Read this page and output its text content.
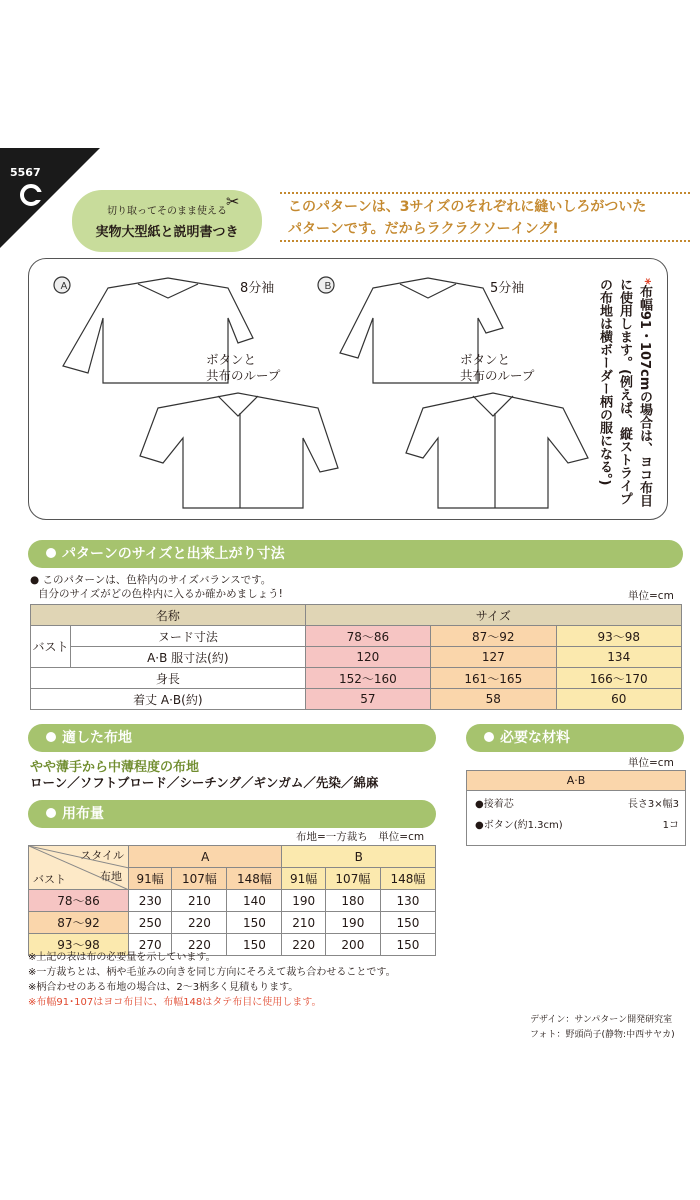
5567
切り取ってそのまま使える
実物大型紙と説明書つき
✂	このパターンは、3サイズのそれぞれに縫いしろがついた
パターンです。だからラクラクソーイング!
A	B
8分袖	5分袖
ボタンと
共布のループ
ボタンと
共布のループ
*布幅91・107cmの場合は、ヨコ布目に使用します。(例えば、縦ストライプの布地は横ボーダー柄の服になる。)
パターンのサイズと出来上がり寸法
● このパターンは、色枠内のサイズバランスです。
自分のサイズがどの色枠内に入るか確かめましょう!	単位=cm
名称		サイズ		
バスト	ヌード寸法	78〜86	87〜92	93〜98
	A·B 服寸法(約)	120	127	134
身長		152〜160	161〜165	166〜170
着丈 A·B(約)		57	58	60
適した布地
やや薄手から中薄程度の布地
ローン／ソフトブロード／シーチング／ギンガム／先染／綿麻
必要な材料
単位=cm
A·B
●接着芯	長さ3×幅3
●ボタン(約1.3cm)	1コ
用布量
布地=一方裁ち　単位=cm
スタイル
布地
バスト	A			B		
	91幅	107幅	148幅	91幅	107幅	148幅
78〜86	230	210	140	190	180	130
87〜92	250	220	150	210	190	150
93〜98	270	220	150	220	200	150
※上記の表は布の必要量を示しています。
※一方裁ちとは、柄や毛並みの向きを同じ方向にそろえて裁ち合わせることです。
※柄合わせのある布地の場合は、2〜3柄多く見積もります。
※布幅91･107はヨコ布目に、布幅148はタテ布目に使用します。
デザイン：サンパターン開発研究室
フォト：野頭尚子(静物:中西サヤカ)
